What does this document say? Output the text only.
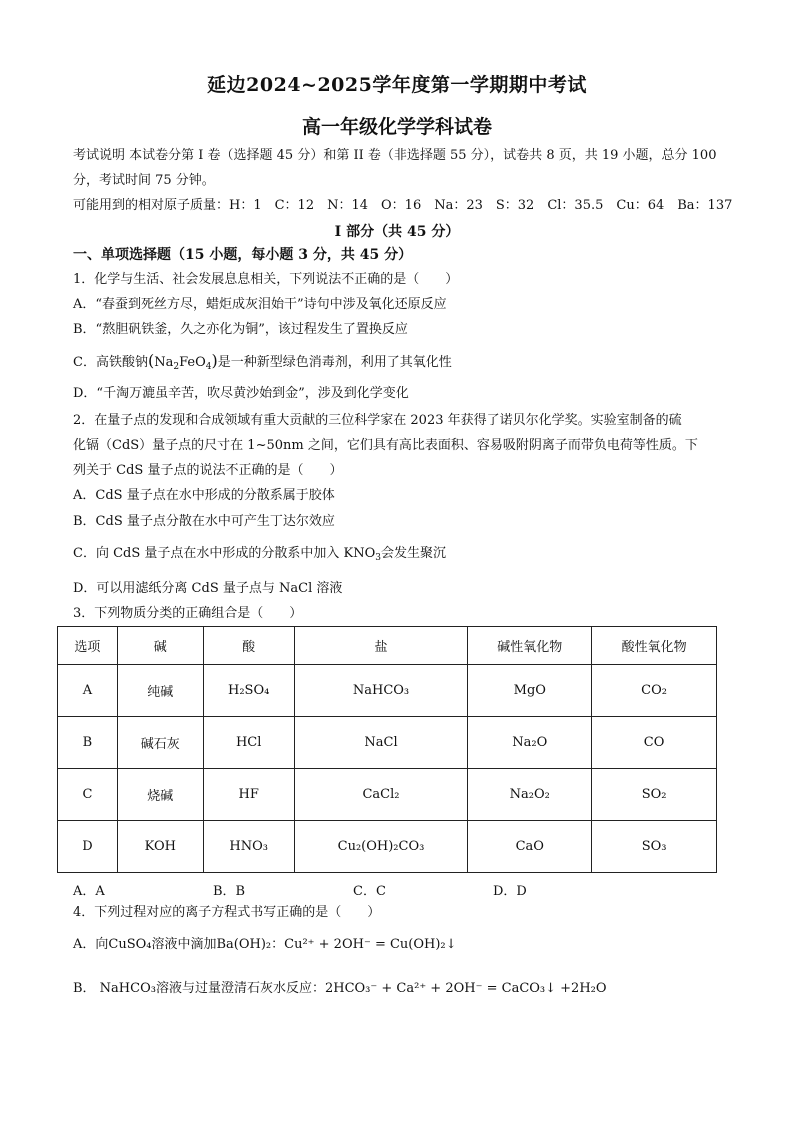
延边2024~2025学年度第一学期期中考试
高一年级化学学科试卷
考试说明 本试卷分第 I 卷（选择题 45 分）和第 II 卷（非选择题 55 分），试卷共 8 页，共 19 小题，总分 100
分，考试时间 75 分钟。
可能用到的相对原子质量：H：1　C：12　N：14　O：16　Na：23　S：32　Cl：35.5　Cu：64　Ba：137
I 部分（共 45 分）
一、单项选择题（15 小题，每小题 3 分，共 45 分）
1．化学与生活、社会发展息息相关，下列说法不正确的是（　　）
A．“春蚕到死丝方尽，蜡炬成灰泪始干”诗句中涉及氧化还原反应
B．“熬胆矾铁釜，久之亦化为铜”，该过程发生了置换反应
C．高铁酸钠$(Na_2FeO_4)$是一种新型绿色消毒剂，利用了其氧化性
D．“千淘万漉虽辛苦，吹尽黄沙始到金”，涉及到化学变化
2．在量子点的发现和合成领域有重大贡献的三位科学家在 2023 年获得了诺贝尔化学奖。实验室制备的硫
化镉（CdS）量子点的尺寸在 1~50nm 之间，它们具有高比表面积、容易吸附阴离子而带负电荷等性质。下
列关于 CdS 量子点的说法不正确的是（　　）
A．CdS 量子点在水中形成的分散系属于胶体
B．CdS 量子点分散在水中可产生丁达尔效应
C．向 CdS 量子点在水中形成的分散系中加入 $KNO_3$会发生聚沉
D．可以用滤纸分离 CdS 量子点与 NaCl 溶液
3．下列物质分类的正确组合是（　　）
选项	碱	酸	盐	碱性氧化物	酸性氧化物
A	纯碱	H₂SO₄	NaHCO₃	MgO	CO₂
B	碱石灰	HCl	NaCl	Na₂O	CO
C	烧碱	HF	CaCl₂	Na₂O₂	SO₂
D	KOH	HNO₃	Cu₂(OH)₂CO₃	CaO	SO₃
A．A	B．B	C．C	D．D
4．下列过程对应的离子方程式书写正确的是（　　）
A．向CuSO₄溶液中滴加Ba(OH)₂：Cu²⁺ + 2OH⁻ = Cu(OH)₂↓
B． NaHCO₃溶液与过量澄清石灰水反应：2HCO₃⁻ + Ca²⁺ + 2OH⁻ = CaCO₃↓ +2H₂O
